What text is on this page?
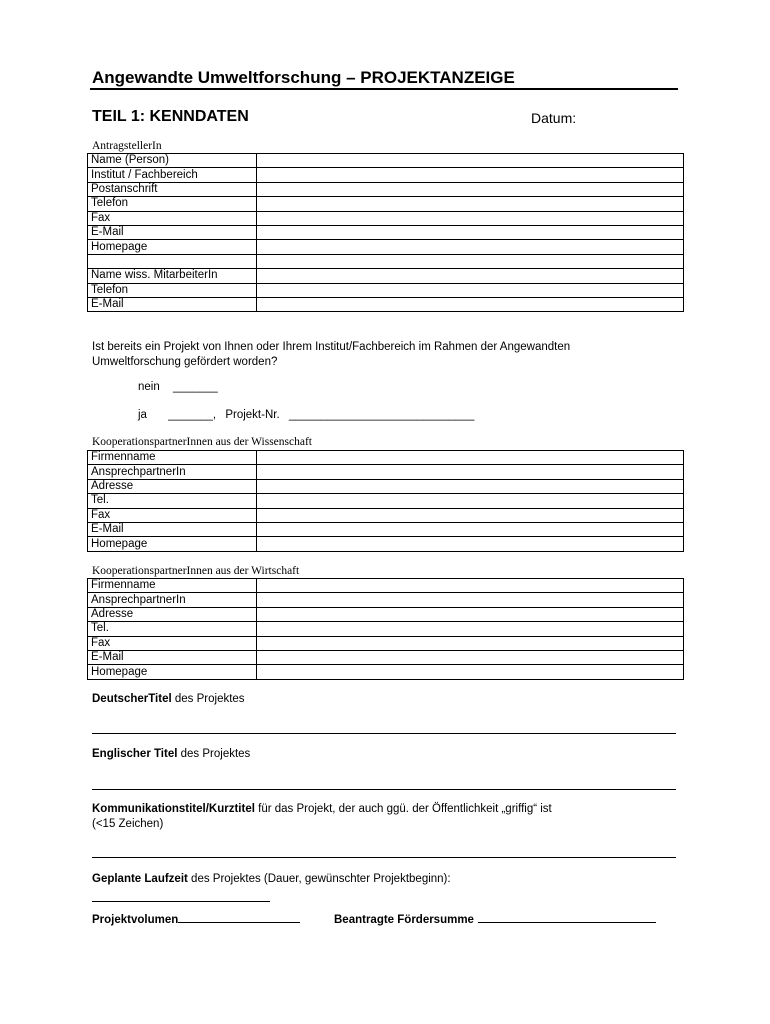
Angewandte Umweltforschung – PROJEKTANZEIGE
TEIL 1: KENNDATEN	Datum:
AntragstellerIn
Name (Person)	
Institut / Fachbereich	
Postanschrift	
Telefon	
Fax	
E-Mail	
Homepage	

Name wiss. MitarbeiterIn	
Telefon	
E-Mail	
Ist bereits ein Projekt von Ihnen oder Ihrem Institut/Fachbereich im Rahmen der Angewandten Umweltforschung gefördert worden?
nein _______
ja _______, Projekt-Nr. _____________________________
KooperationspartnerInnen aus der Wissenschaft
Firmenname	
AnsprechpartnerIn	
Adresse	
Tel.	
Fax	
E-Mail	
Homepage	
KooperationspartnerInnen aus der Wirtschaft
Firmenname	
AnsprechpartnerIn	
Adresse	
Tel.	
Fax	
E-Mail	
Homepage	
DeutscherTitel des Projektes
Englischer Titel des Projektes
Kommunikationstitel/Kurztitel für das Projekt, der auch ggü. der Öffentlichkeit „griffig“ ist
(<15 Zeichen)
Geplante Laufzeit des Projektes (Dauer, gewünschter Projektbeginn):
Projektvolumen	Beantragte Fördersumme
